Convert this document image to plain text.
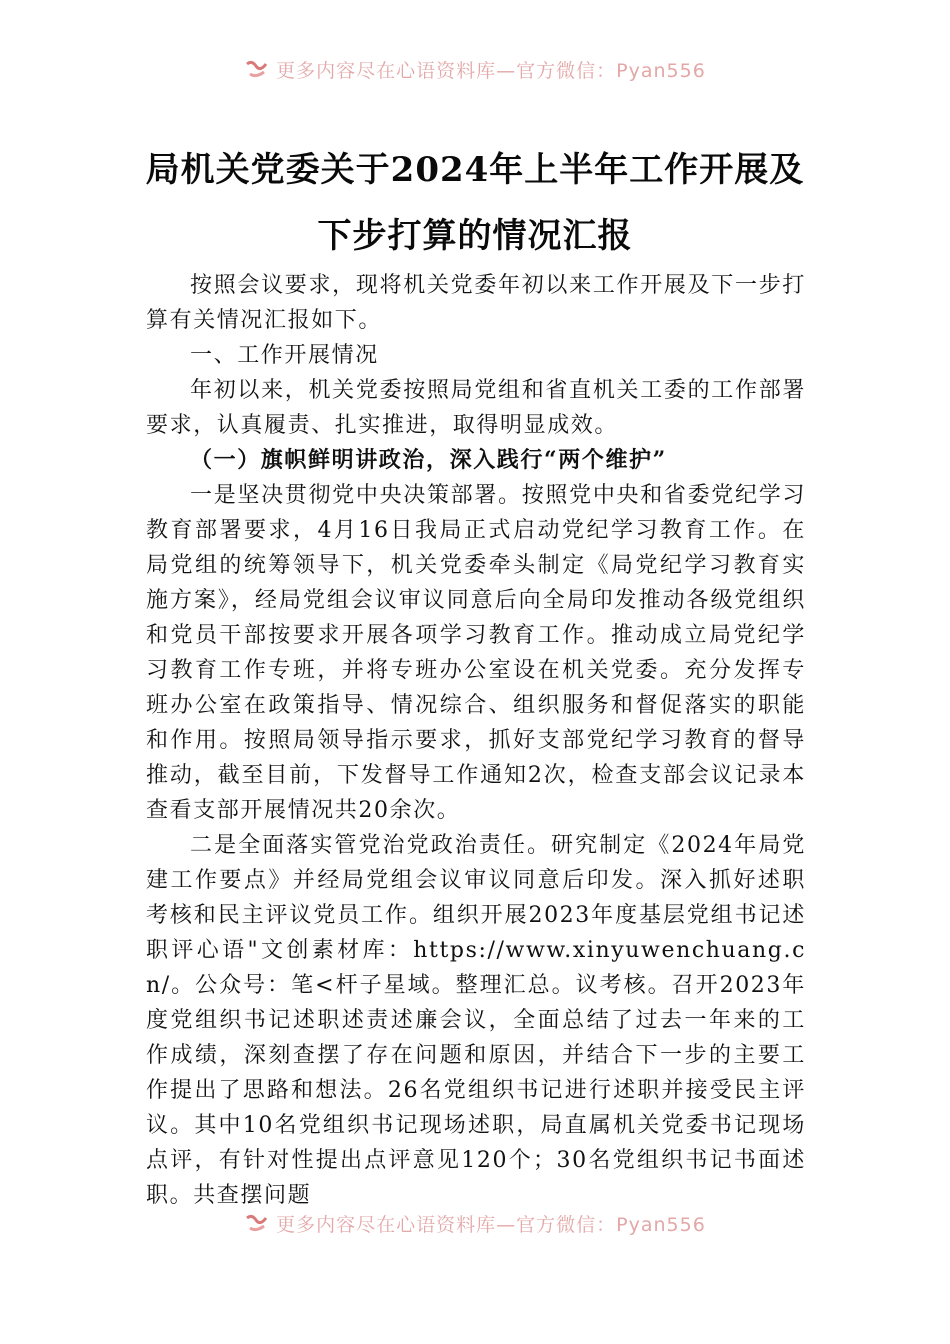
更多内容尽在心语资料库—官方微信：Pyan556
局机关党委关于2024年上半年工作开展及
下步打算的情况汇报

按照会议要求，现将机关党委年初以来工作开展及下一步打算有关情况汇报如下。

一、工作开展情况

年初以来，机关党委按照局党组和省直机关工委的工作部署要求，认真履责、扎实推进，取得明显成效。

（一）旗帜鲜明讲政治，深入践行“两个维护”

一是坚决贯彻党中央决策部署。按照党中央和省委党纪学习教育部署要求，4月16日我局正式启动党纪学习教育工作。在局党组的统筹领导下，机关党委牵头制定《局党纪学习教育实施方案》，经局党组会议审议同意后向全局印发推动各级党组织和党员干部按要求开展各项学习教育工作。推动成立局党纪学习教育工作专班，并将专班办公室设在机关党委。充分发挥专班办公室在政策指导、情况综合、组织服务和督促落实的职能和作用。按照局领导指示要求，抓好支部党纪学习教育的督导推动，截至目前，下发督导工作通知2次，检查支部会议记录本查看支部开展情况共20余次。

二是全面落实管党治党政治责任。研究制定《2024年局党建工作要点》并经局党组会议审议同意后印发。深入抓好述职考核和民主评议党员工作。组织开展2023年度基层党组书记述职评心语"文创素材库：https://www.xinyuwenchuang.cn/。公众号：笔<杆子星域。整理汇总。议考核。召开2023年度党组织书记述职述责述廉会议，全面总结了过去一年来的工作成绩，深刻查摆了存在问题和原因，并结合下一步的主要工作提出了思路和想法。26名党组织书记进行述职并接受民主评议。其中10名党组织书记现场述职，局直属机关党委书记现场点评，有针对性提出点评意见120个；30名党组织书记书面述职。共查摆问题

更多内容尽在心语资料库—官方微信：Pyan556
